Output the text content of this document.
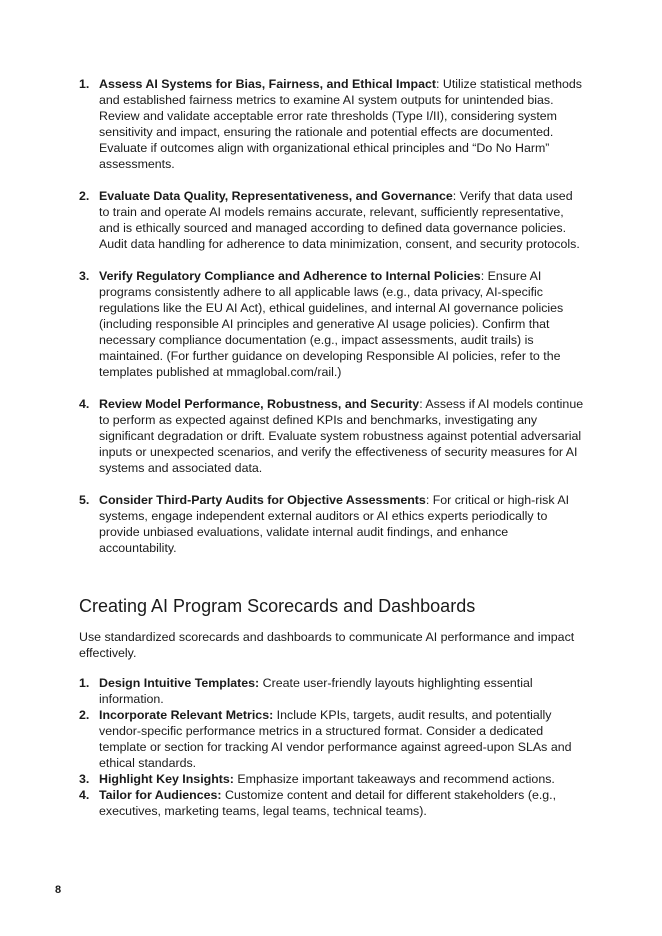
1. Assess AI Systems for Bias, Fairness, and Ethical Impact: Utilize statistical methods and established fairness metrics to examine AI system outputs for unintended bias. Review and validate acceptable error rate thresholds (Type I/II), considering system sensitivity and impact, ensuring the rationale and potential effects are documented. Evaluate if outcomes align with organizational ethical principles and “Do No Harm” assessments.
2. Evaluate Data Quality, Representativeness, and Governance: Verify that data used to train and operate AI models remains accurate, relevant, sufficiently representative, and is ethically sourced and managed according to defined data governance policies. Audit data handling for adherence to data minimization, consent, and security protocols.
3. Verify Regulatory Compliance and Adherence to Internal Policies: Ensure AI programs consistently adhere to all applicable laws (e.g., data privacy, AI-specific regulations like the EU AI Act), ethical guidelines, and internal AI governance policies (including responsible AI principles and generative AI usage policies). Confirm that necessary compliance documentation (e.g., impact assessments, audit trails) is maintained. (For further guidance on developing Responsible AI policies, refer to the templates published at mmaglobal.com/rail.)
4. Review Model Performance, Robustness, and Security: Assess if AI models continue to perform as expected against defined KPIs and benchmarks, investigating any significant degradation or drift. Evaluate system robustness against potential adversarial inputs or unexpected scenarios, and verify the effectiveness of security measures for AI systems and associated data.
5. Consider Third-Party Audits for Objective Assessments: For critical or high-risk AI systems, engage independent external auditors or AI ethics experts periodically to provide unbiased evaluations, validate internal audit findings, and enhance accountability.
Creating AI Program Scorecards and Dashboards

Use standardized scorecards and dashboards to communicate AI performance and impact effectively.

1. Design Intuitive Templates: Create user-friendly layouts highlighting essential information.
2. Incorporate Relevant Metrics: Include KPIs, targets, audit results, and potentially vendor-specific performance metrics in a structured format. Consider a dedicated template or section for tracking AI vendor performance against agreed-upon SLAs and ethical standards.
3. Highlight Key Insights: Emphasize important takeaways and recommend actions.
4. Tailor for Audiences: Customize content and detail for different stakeholders (e.g., executives, marketing teams, legal teams, technical teams).
8
